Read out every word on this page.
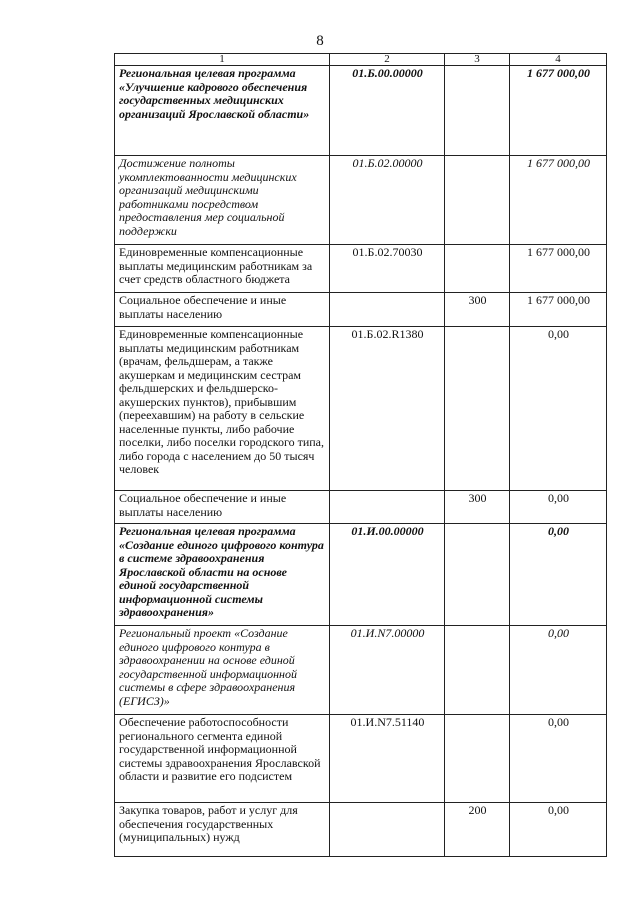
8
1	2	3	4
Региональная целевая программа «Улучшение кадрового обеспечения государственных медицинских организаций Ярославской области»	01.Б.00.00000		1 677 000,00
Достижение полноты укомплектованности медицинских организаций медицинскими работниками посредством предоставления мер социальной поддержки	01.Б.02.00000		1 677 000,00
Единовременные компенсационные выплаты медицинским работникам за счет средств областного бюджета	01.Б.02.70030		1 677 000,00
Социальное обеспечение и иные выплаты населению		300	1 677 000,00
Единовременные компенсационные выплаты медицинским работникам (врачам, фельдшерам, а также акушеркам и медицинским сестрам фельдшерских и фельдшерско-акушерских пунктов), прибывшим (переехавшим) на работу в сельские населенные пункты, либо рабочие поселки, либо поселки городского типа, либо города с населением до 50 тысяч человек	01.Б.02.R1380		0,00
Социальное обеспечение и иные выплаты населению		300	0,00
Региональная целевая программа «Создание единого цифрового контура в системе здравоохранения Ярославской области на основе единой государственной информационной системы здравоохранения»	01.И.00.00000		0,00
Региональный проект «Создание единого цифрового контура в здравоохранении на основе единой государственной информационной системы в сфере здравоохранения (ЕГИСЗ)»	01.И.N7.00000		0,00
Обеспечение работоспособности регионального сегмента единой государственной информационной системы здравоохранения Ярославской области и развитие его подсистем	01.И.N7.51140		0,00
Закупка товаров, работ и услуг для обеспечения государственных (муниципальных) нужд		200	0,00
